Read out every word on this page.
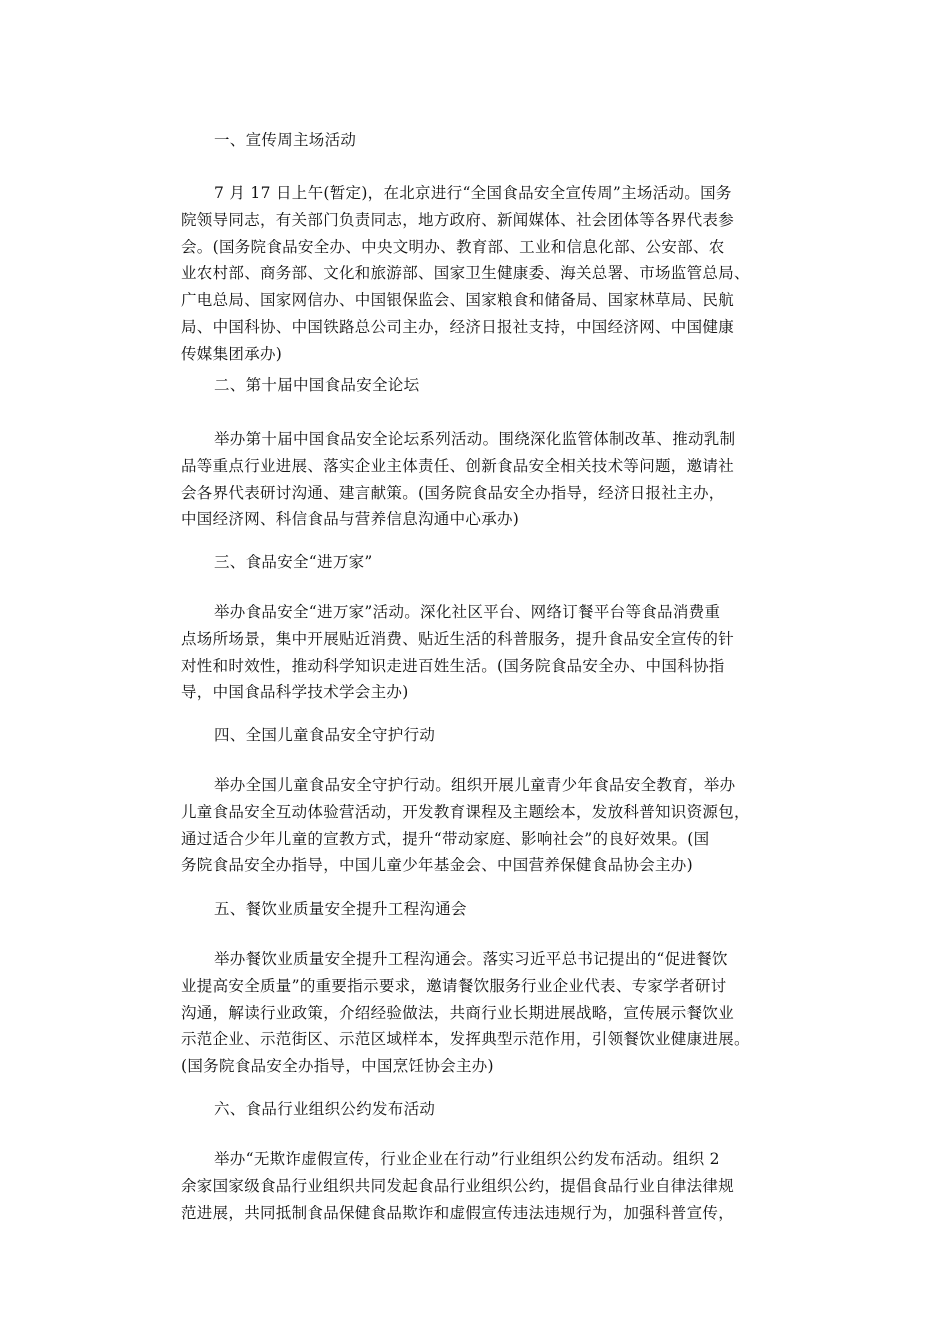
一、宣传周主场活动
7 月 17 日上午(暂定)，在北京进行“全国食品安全宣传周”主场活动。国务
院领导同志，有关部门负责同志，地方政府、新闻媒体、社会团体等各界代表参
会。(国务院食品安全办、中央文明办、教育部、工业和信息化部、公安部、农
业农村部、商务部、文化和旅游部、国家卫生健康委、海关总署、市场监管总局、
广电总局、国家网信办、中国银保监会、国家粮食和储备局、国家林草局、民航
局、中国科协、中国铁路总公司主办，经济日报社支持，中国经济网、中国健康
传媒集团承办)
二、第十届中国食品安全论坛
举办第十届中国食品安全论坛系列活动。围绕深化监管体制改革、推动乳制
品等重点行业进展、落实企业主体责任、创新食品安全相关技术等问题，邀请社
会各界代表研讨沟通、建言献策。(国务院食品安全办指导，经济日报社主办，
中国经济网、科信食品与营养信息沟通中心承办)
三、食品安全“进万家”
举办食品安全“进万家”活动。深化社区平台、网络订餐平台等食品消费重
点场所场景，集中开展贴近消费、贴近生活的科普服务，提升食品安全宣传的针
对性和时效性，推动科学知识走进百姓生活。(国务院食品安全办、中国科协指
导，中国食品科学技术学会主办)
四、全国儿童食品安全守护行动
举办全国儿童食品安全守护行动。组织开展儿童青少年食品安全教育，举办
儿童食品安全互动体验营活动，开发教育课程及主题绘本，发放科普知识资源包，
通过适合少年儿童的宣教方式，提升“带动家庭、影响社会”的良好效果。(国
务院食品安全办指导，中国儿童少年基金会、中国营养保健食品协会主办)
五、餐饮业质量安全提升工程沟通会
举办餐饮业质量安全提升工程沟通会。落实习近平总书记提出的“促进餐饮
业提高安全质量”的重要指示要求，邀请餐饮服务行业企业代表、专家学者研讨
沟通，解读行业政策，介绍经验做法，共商行业长期进展战略，宣传展示餐饮业
示范企业、示范街区、示范区域样本，发挥典型示范作用，引领餐饮业健康进展。
(国务院食品安全办指导，中国烹饪协会主办)
六、食品行业组织公约发布活动
举办“无欺诈虚假宣传，行业企业在行动”行业组织公约发布活动。组织 2
余家国家级食品行业组织共同发起食品行业组织公约，提倡食品行业自律法律规
范进展，共同抵制食品保健食品欺诈和虚假宣传违法违规行为，加强科普宣传，
